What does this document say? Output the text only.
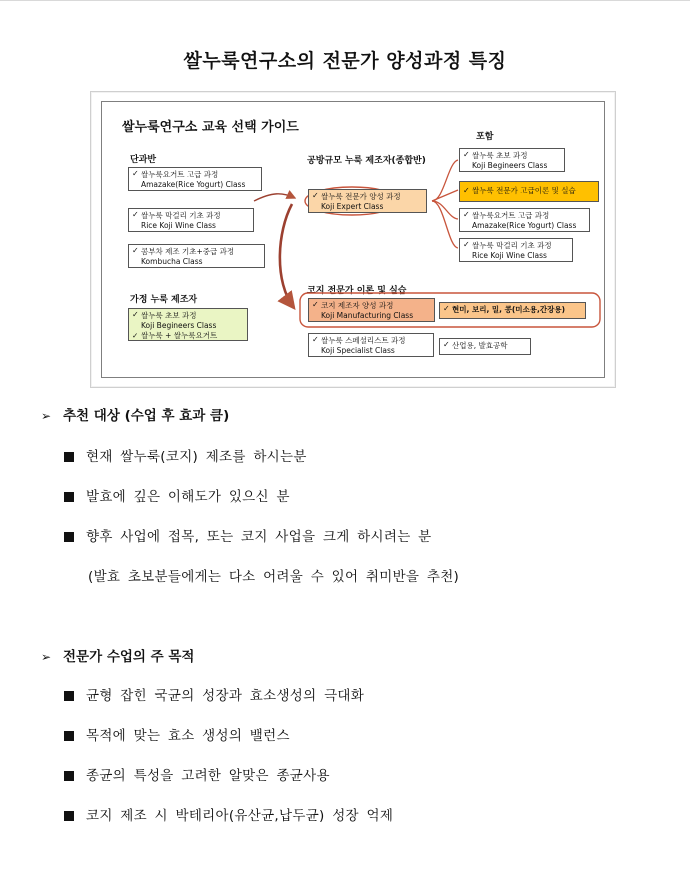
쌀누룩연구소의 전문가 양성과정 특징
쌀누룩연구소 교육 선택 가이드
단과반
가정 누룩 제조자
공방규모 누룩 제조자(종합반)
포함
코지 전문가 이론 및 실습
✓ 쌀누룩요거트 고급 과정
Amazake(Rice Yogurt) Class
✓ 쌀누룩 막걸리 기초 과정
Rice Koji Wine Class
✓ 콤부차 제조 기초+중급 과정
Kombucha Class
✓ 쌀누룩 초보 과정
Koji Begineers Class
✓ 쌀누룩 + 쌀누룩요거트
✓ 쌀누룩 전문가 양성 과정
Koji Expert Class
✓ 코지 제조자 양성 과정
Koji Manufacturing Class
✓ 쌀누룩 스페셜리스트 과정
Koji Specialist Class
✓ 쌀누룩 초보 과정
Koji Begineers Class
✓ 쌀누룩 전문가 고급이론 및 실습
✓ 쌀누룩요거트 고급 과정
Amazake(Rice Yogurt) Class
✓ 쌀누룩 막걸리 기초 과정
Rice Koji Wine Class
✓ 현미, 보리, 밀, 콩(미소용,간장용)
✓ 산업용, 발효공학
➢ 추천 대상 (수업 후 효과 큼)
현재 쌀누룩(코지) 제조를 하시는분
발효에 깊은 이해도가 있으신 분
향후 사업에 접목, 또는 코지 사업을 크게 하시려는 분
(발효 초보분들에게는 다소 어려울 수 있어 취미반을 추천)
➢ 전문가 수업의 주 목적
균형 잡힌 국균의 성장과 효소생성의 극대화
목적에 맞는 효소 생성의 밸런스
종균의 특성을 고려한 알맞은 종균사용
코지 제조 시 박테리아(유산균,납두균) 성장 억제
